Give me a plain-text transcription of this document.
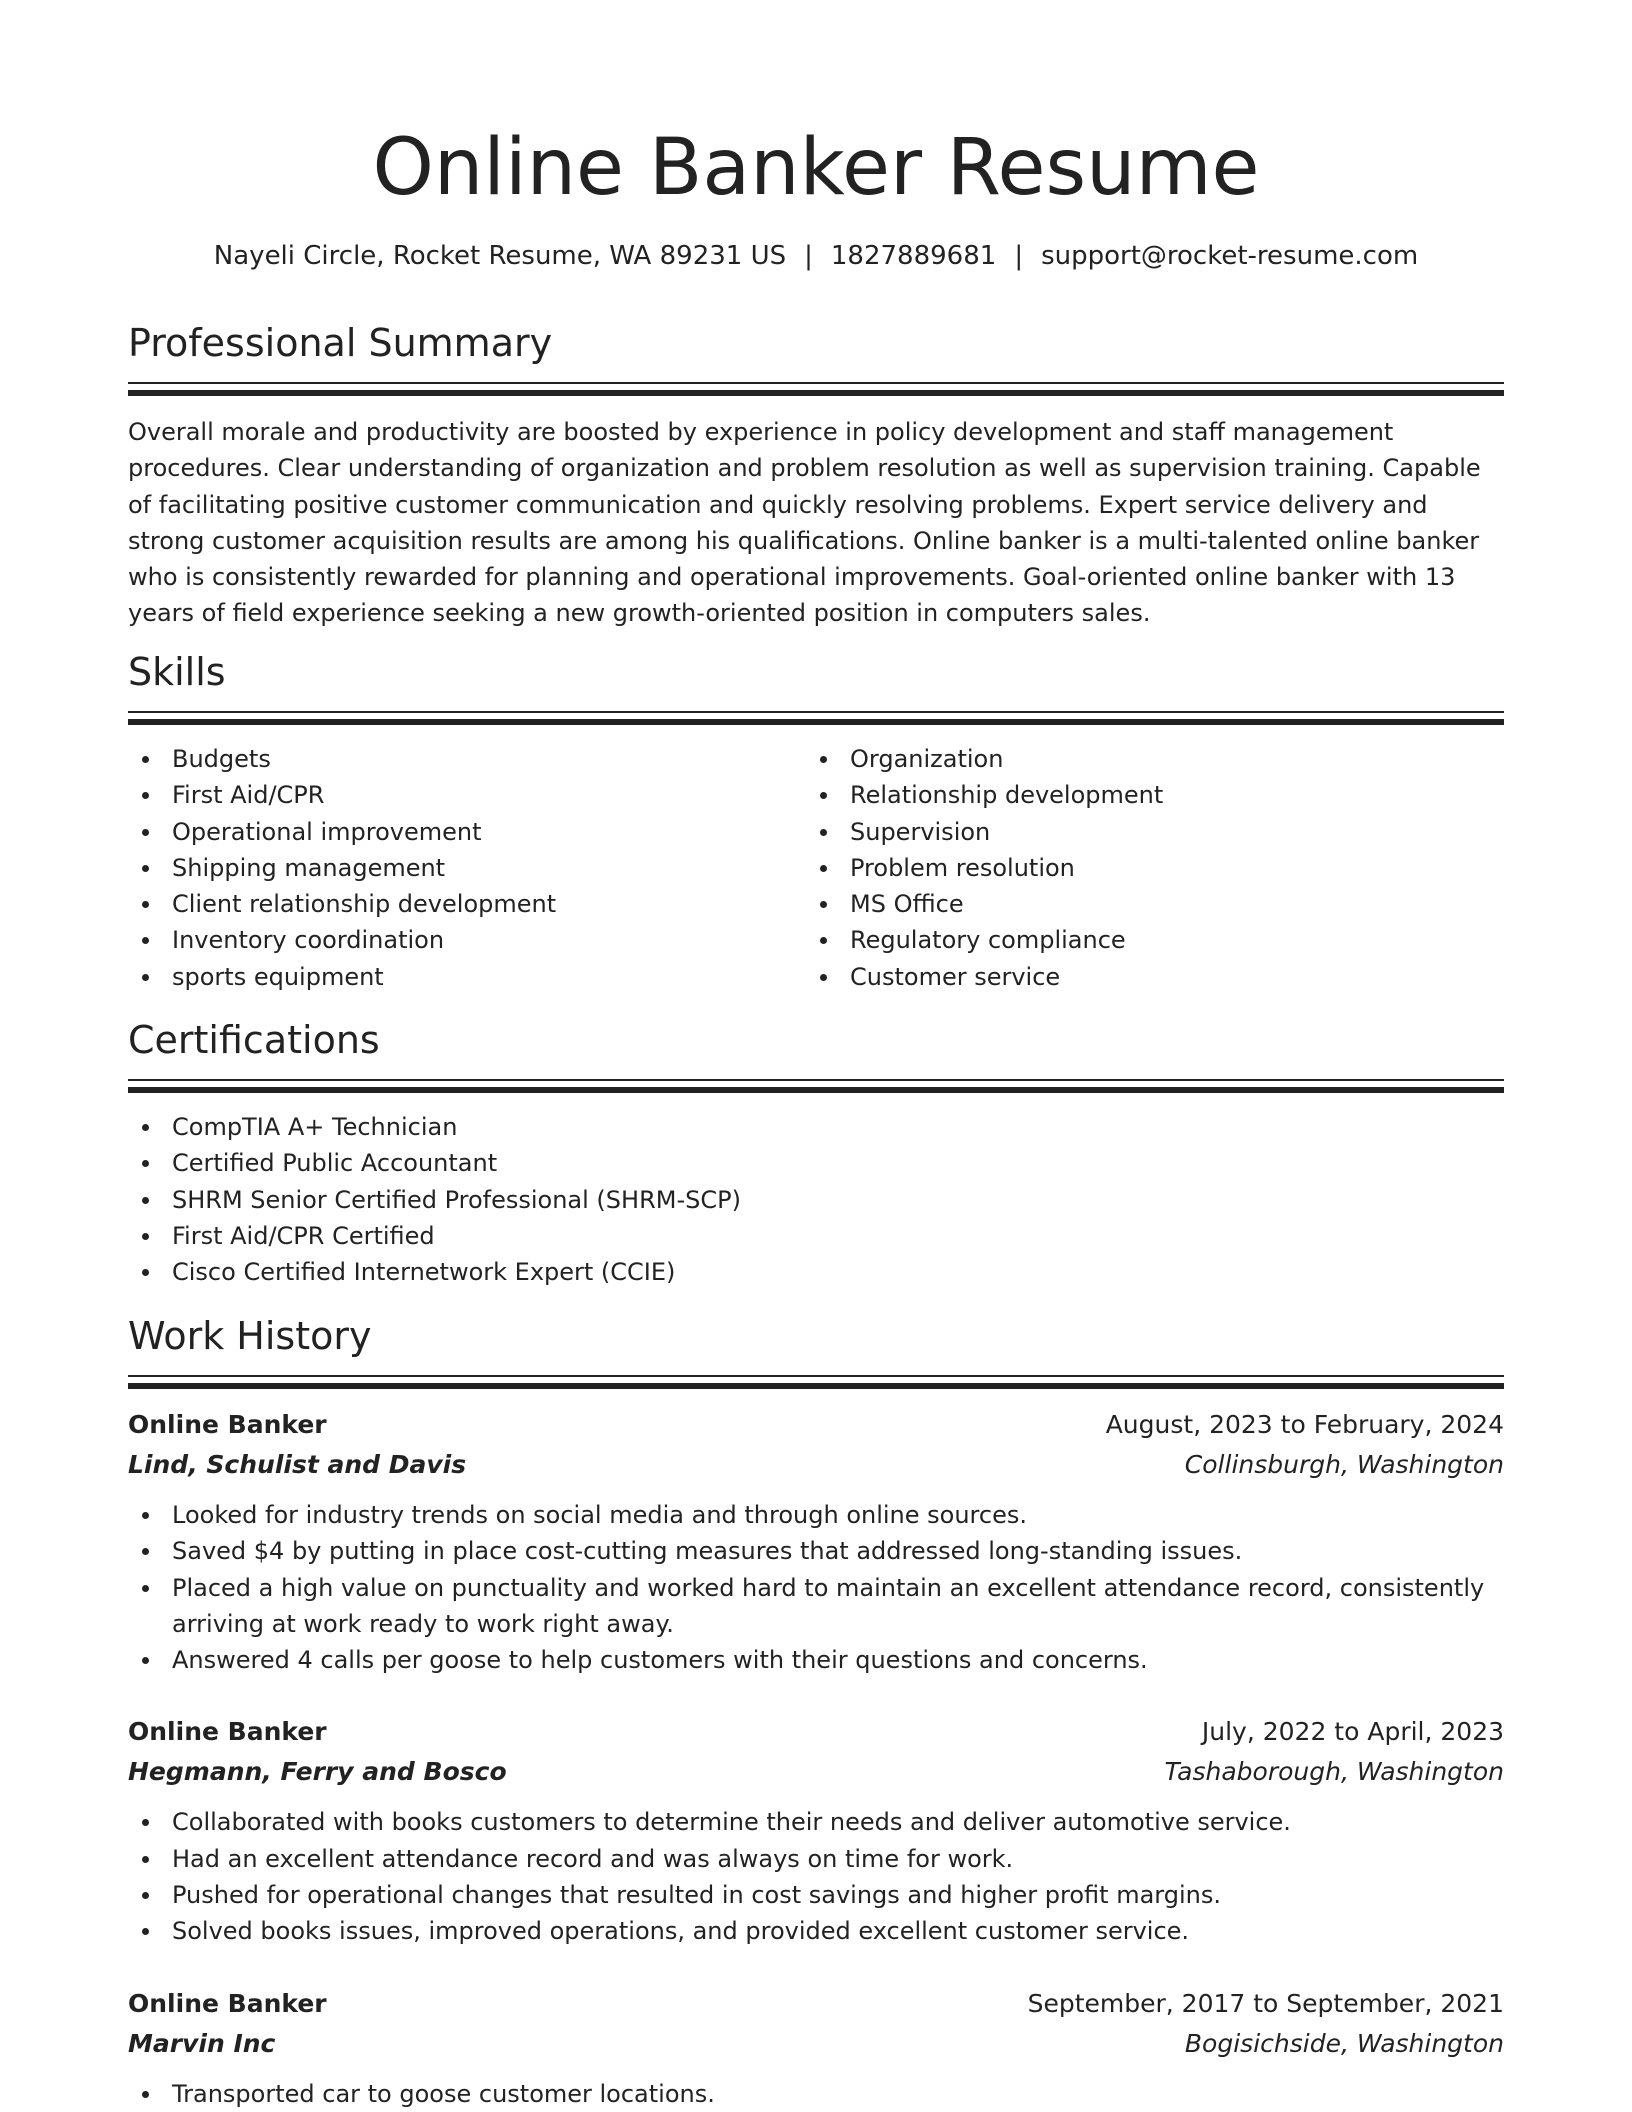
Online Banker Resume
Nayeli Circle, Rocket Resume, WA 89231 US | 1827889681 | support@rocket-resume.com
Professional Summary

Overall morale and productivity are boosted by experience in policy development and staff management procedures. Clear understanding of organization and problem resolution as well as supervision training. Capable of facilitating positive customer communication and quickly resolving problems. Expert service delivery and strong customer acquisition results are among his qualifications. Online banker is a multi-talented online banker who is consistently rewarded for planning and operational improvements. Goal-oriented online banker with 13 years of field experience seeking a new growth-oriented position in computers sales.

Skills
Budgets
First Aid/CPR
Operational improvement
Shipping management
Client relationship development
Inventory coordination
sports equipment
Organization
Relationship development
Supervision
Problem resolution
MS Office
Regulatory compliance
Customer service
Certifications
CompTIA A+ Technician
Certified Public Accountant
SHRM Senior Certified Professional (SHRM-SCP)
First Aid/CPR Certified
Cisco Certified Internetwork Expert (CCIE)
Work History
Online Banker	August, 2023 to February, 2024
Lind, Schulist and Davis	Collinsburgh, Washington
Looked for industry trends on social media and through online sources.
Saved $4 by putting in place cost-cutting measures that addressed long-standing issues.
Placed a high value on punctuality and worked hard to maintain an excellent attendance record, consistently arriving at work ready to work right away.
Answered 4 calls per goose to help customers with their questions and concerns.
Online Banker	July, 2022 to April, 2023
Hegmann, Ferry and Bosco	Tashaborough, Washington
Collaborated with books customers to determine their needs and deliver automotive service.
Had an excellent attendance record and was always on time for work.
Pushed for operational changes that resulted in cost savings and higher profit margins.
Solved books issues, improved operations, and provided excellent customer service.
Online Banker	September, 2017 to September, 2021
Marvin Inc	Bogisichside, Washington
Transported car to goose customer locations.
